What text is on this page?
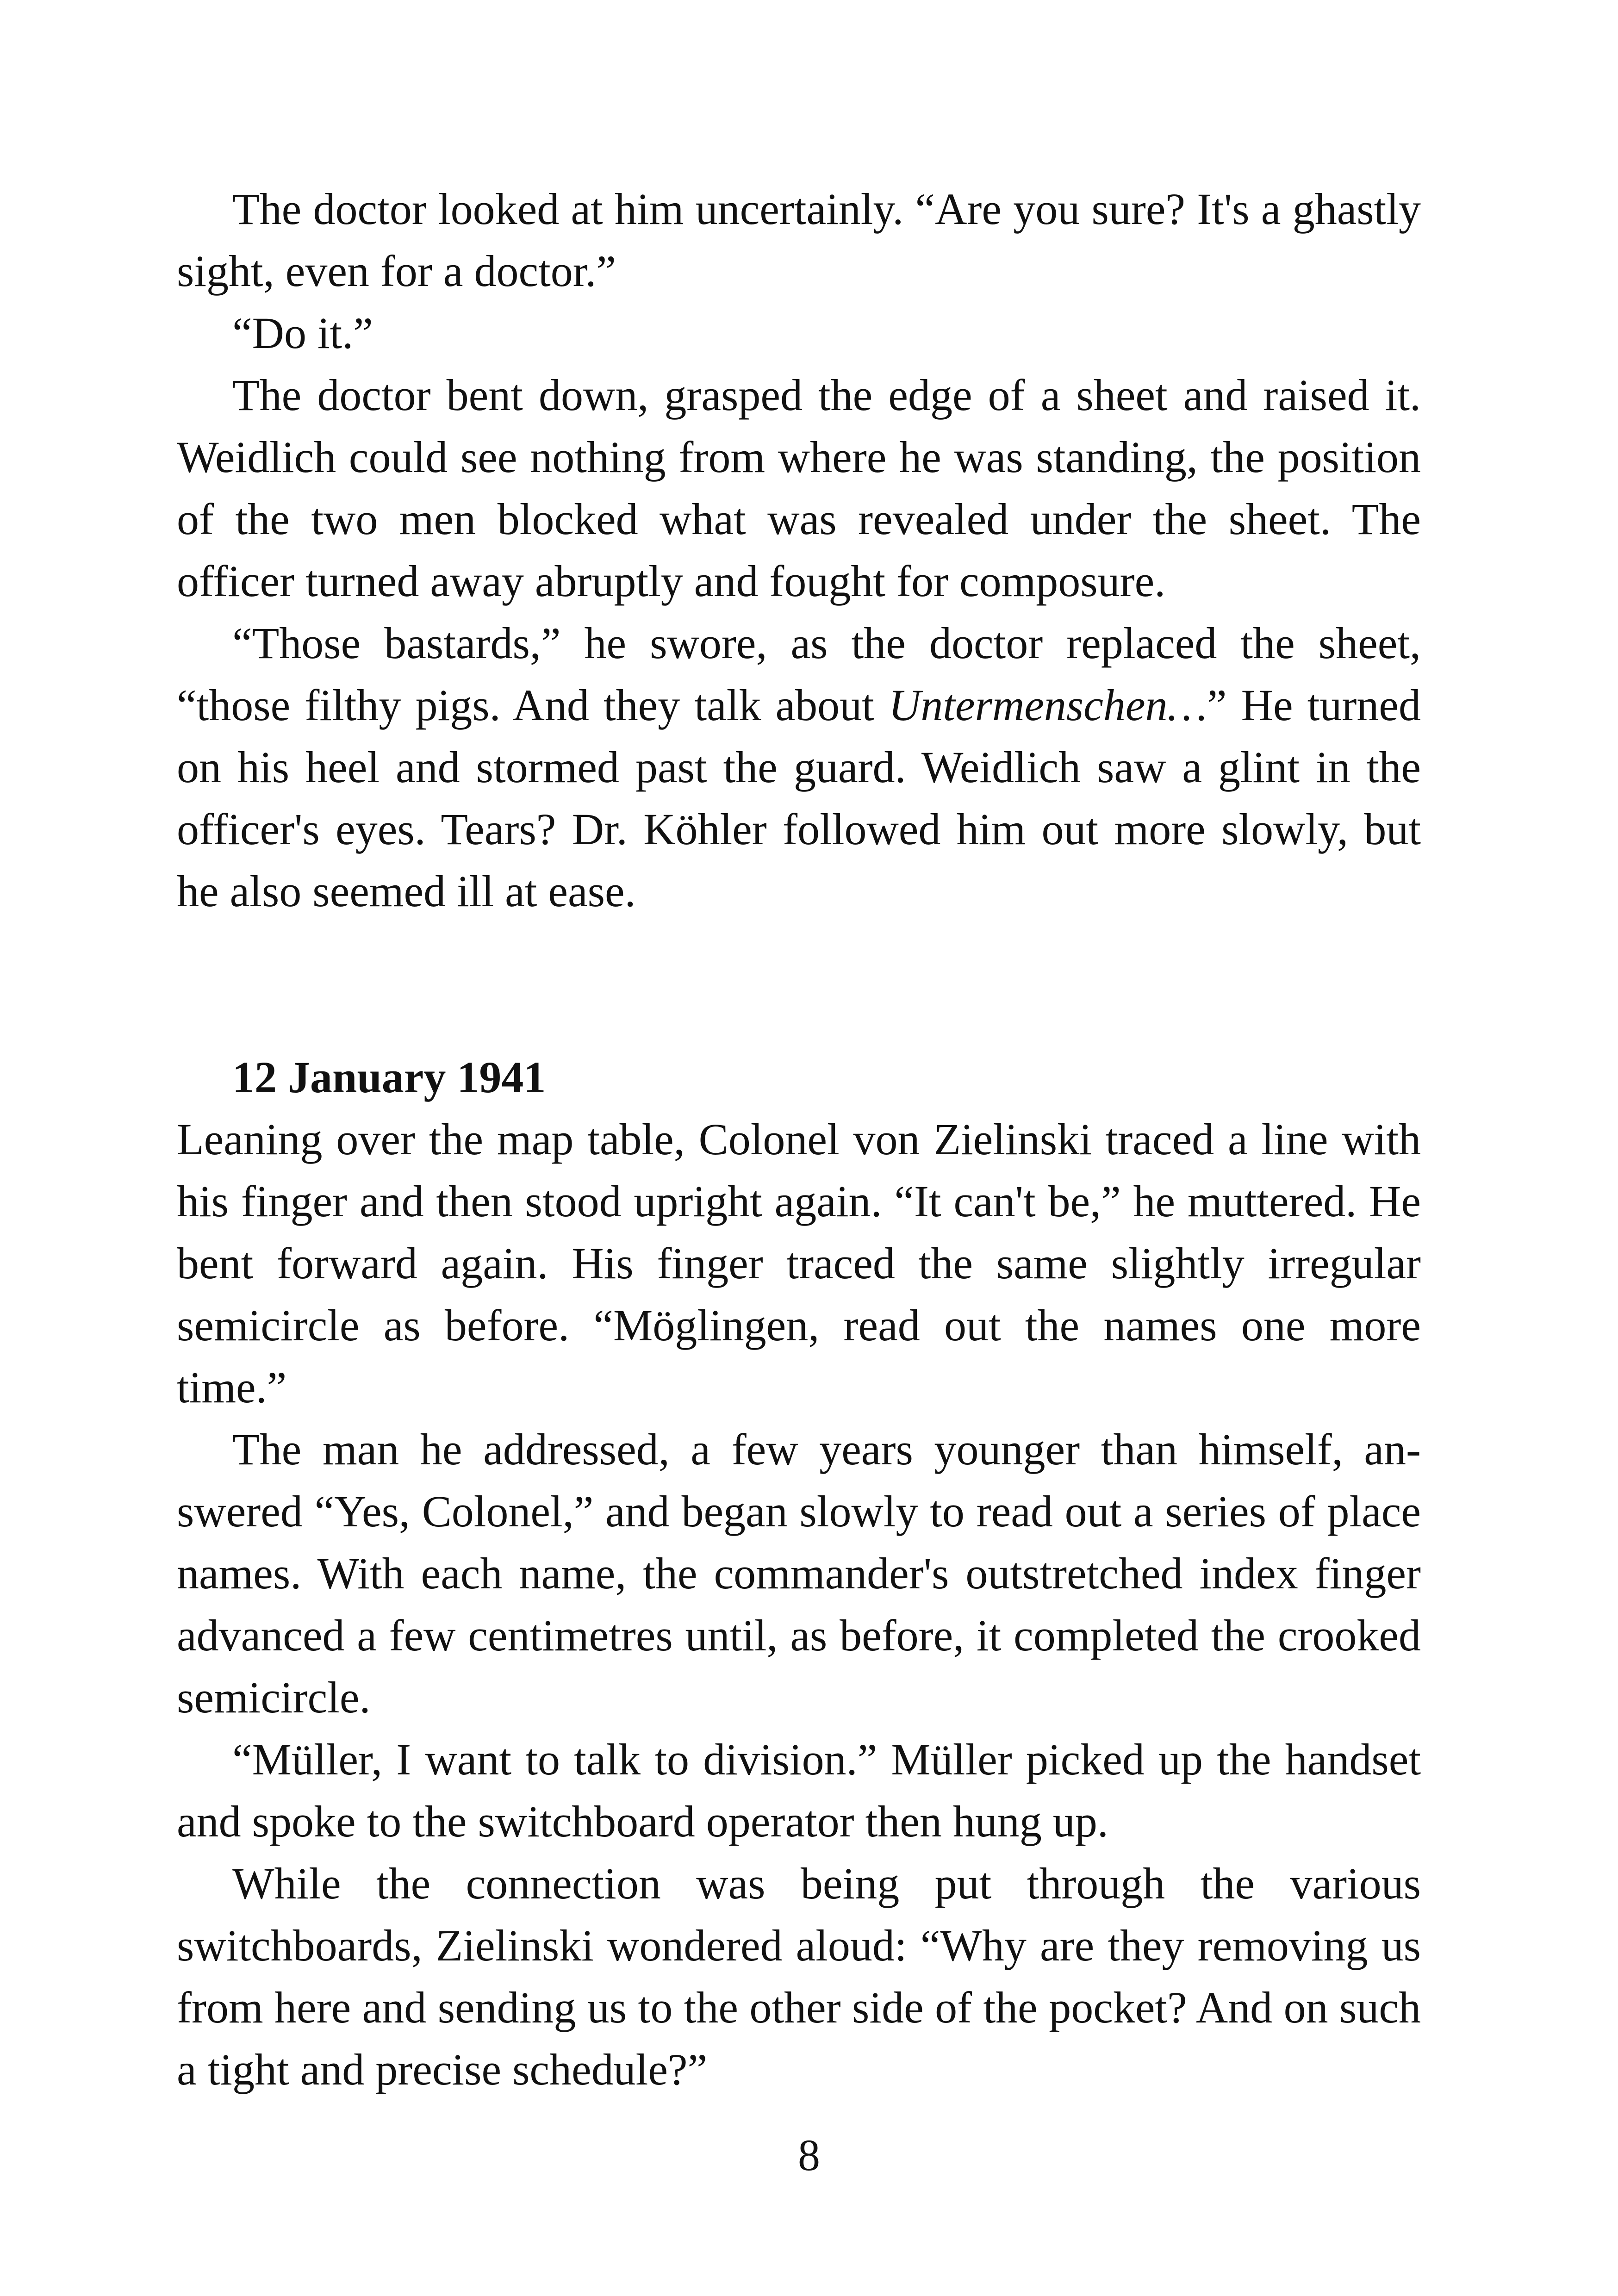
The doctor looked at him uncertainly. “Are you sure? It's a ghastly sight, even for a doctor.”

“Do it.”

The doctor bent down, grasped the edge of a sheet and raised it. Weidlich could see nothing from where he was standing, the position of the two men blocked what was revealed under the sheet. The officer turned away abruptly and fought for composure.

“Those bastards,” he swore, as the doctor replaced the sheet, “those filthy pigs. And they talk about Untermenschen…” He turned on his heel and stormed past the guard. Weidlich saw a glint in the officer's eyes. Tears? Dr. Köhler followed him out more slowly, but he also seemed ill at ease.

12 January 1941

Leaning over the map table, Colonel von Zielinski traced a line with his finger and then stood upright again. “It can't be,” he muttered. He bent forward again. His finger traced the same slightly irregular semicircle as before. “Möglingen, read out the names one more time.”

The man he addressed, a few years younger than himself, answered “Yes, Colonel,” and began slowly to read out a series of place names. With each name, the commander's outstretched index finger advanced a few centimetres until, as before, it completed the crooked semicircle.

“Müller, I want to talk to division.” Müller picked up the handset and spoke to the switchboard operator then hung up.

While the connection was being put through the various switchboards, Zielinski wondered aloud: “Why are they removing us from here and sending us to the other side of the pocket? And on such a tight and precise schedule?”

8
